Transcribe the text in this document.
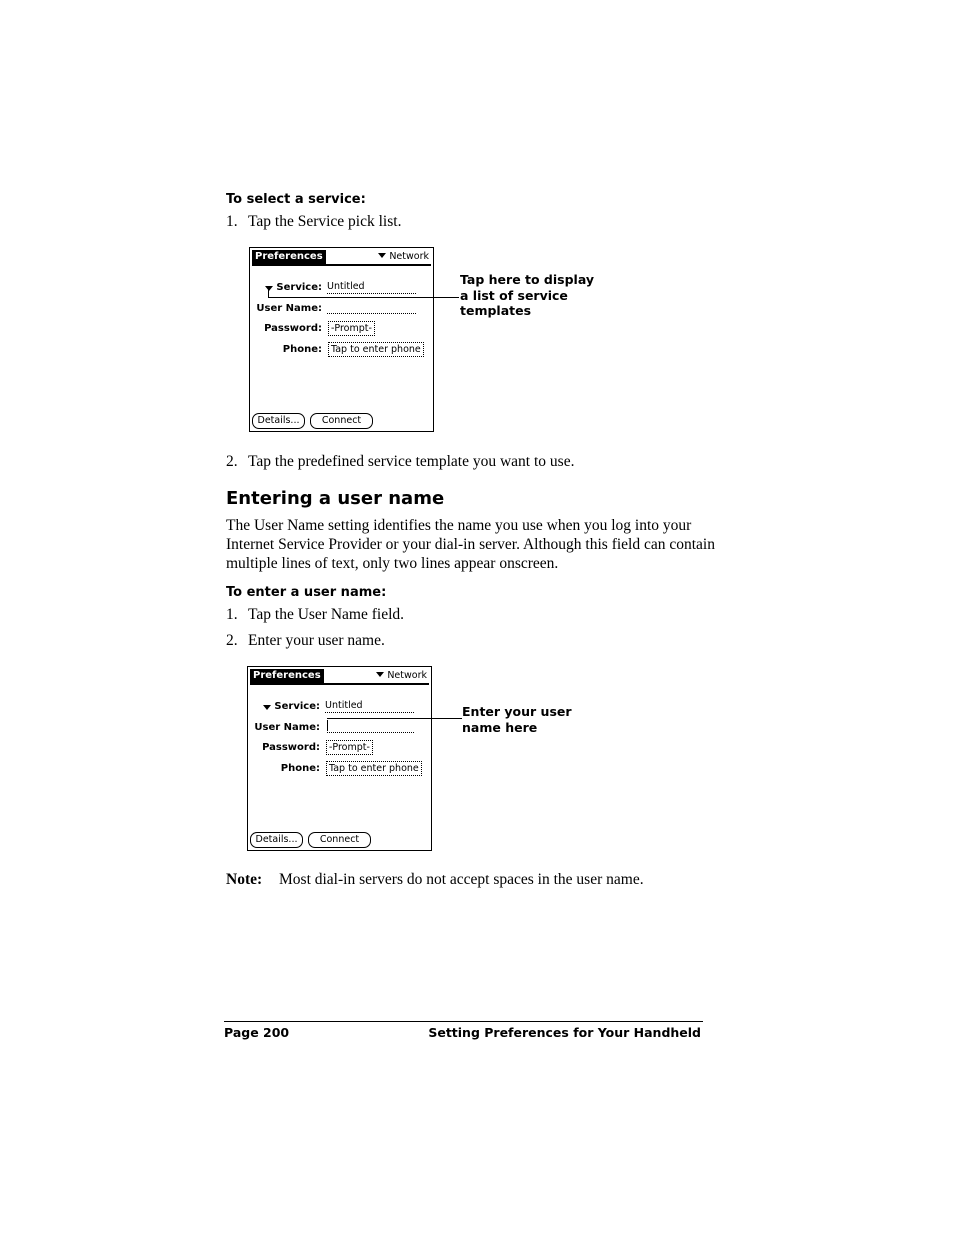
To select a service:
1. Tap the Service pick list.
Preferences	Network
Service: Untitled
User Name:
Password: -Prompt-
Phone: Tap to enter phone
Details...	Connect
Tap here to display
a list of service
templates
2. Tap the predefined service template you want to use.
Entering a user name
The User Name setting identifies the name you use when you log into your Internet Service Provider or your dial-in server. Although this field can contain multiple lines of text, only two lines appear onscreen.
To enter a user name:
1. Tap the User Name field.
2. Enter your user name.
Preferences	Network
Service: Untitled
User Name:
Password: -Prompt-
Phone: Tap to enter phone
Details...	Connect
Enter your user
name here
Note: Most dial-in servers do not accept spaces in the user name.
Page 200	Setting Preferences for Your Handheld
